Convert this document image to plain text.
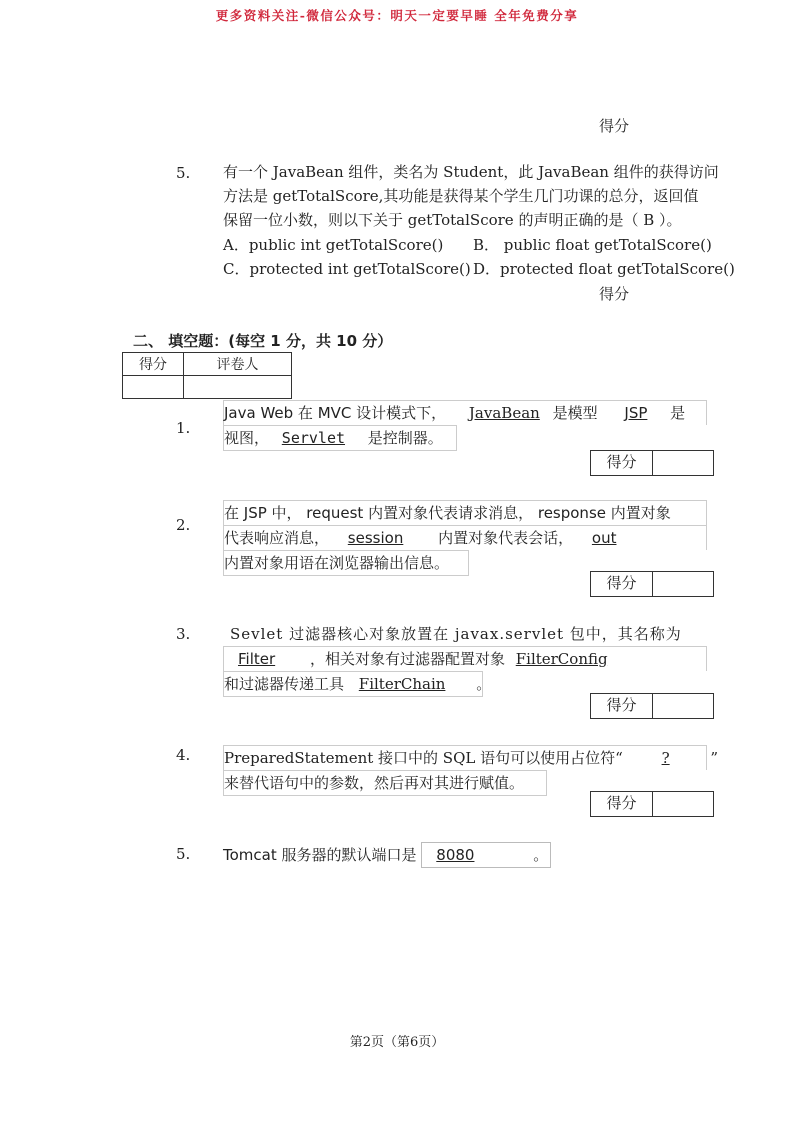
更多资料关注-微信公众号：明天一定要早睡 全年免费分享
得分
5. 有一个 JavaBean 组件，类名为 Student，此 JavaBean 组件的获得访问
方法是 getTotalScore,其功能是获得某个学生几门功课的总分，返回值
保留一位小数，则以下关于 getTotalScore 的声明正确的是（ B ）。
A．public int getTotalScore() B． public float getTotalScore()
C．protected int getTotalScore() D．protected float getTotalScore()
得分
二、 填空题：(每空 1 分，共 10 分）
得分	评卷人

1.
Java Web 在 MVC 设计模式下， JavaBean 是模型 JSP 是
视图， Servlet 是控制器。
得分
2.
在 JSP 中， request 内置对象代表请求消息， response 内置对象
代表响应消息， session 内置对象代表会话， out
内置对象用语在浏览器输出信息。
得分
3.	Sevlet 过滤器核心对象放置在 javax.servlet 包中，其名称为
Filter ，相关对象有过滤器配置对象 FilterConfig
和过滤器传递工具 FilterChain 。
得分
4. PreparedStatement 接口中的 SQL 语句可以使用占位符“	?	”
来替代语句中的参数，然后再对其进行赋值。
得分
5. Tomcat 服务器的默认端口是 8080	。
第2页（第6页）
